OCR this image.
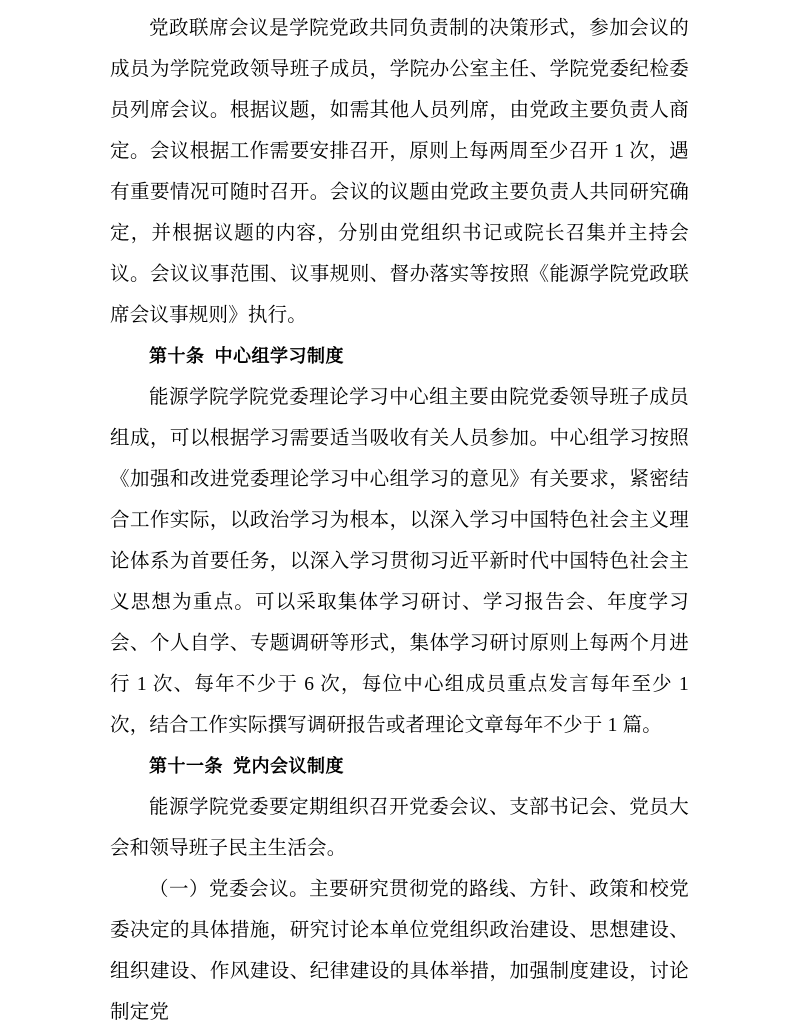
党政联席会议是学院党政共同负责制的决策形式，参加会议的成员为学院党政领导班子成员，学院办公室主任、学院党委纪检委员列席会议。根据议题，如需其他人员列席，由党政主要负责人商定。会议根据工作需要安排召开，原则上每两周至少召开 1 次，遇有重要情况可随时召开。会议的议题由党政主要负责人共同研究确定，并根据议题的内容，分别由党组织书记或院长召集并主持会议。会议议事范围、议事规则、督办落实等按照《能源学院党政联席会议事规则》执行。

第十条 中心组学习制度

能源学院学院党委理论学习中心组主要由院党委领导班子成员组成，可以根据学习需要适当吸收有关人员参加。中心组学习按照《加强和改进党委理论学习中心组学习的意见》有关要求，紧密结合工作实际，以政治学习为根本，以深入学习中国特色社会主义理论体系为首要任务，以深入学习贯彻习近平新时代中国特色社会主义思想为重点。可以采取集体学习研讨、学习报告会、年度学习会、个人自学、专题调研等形式，集体学习研讨原则上每两个月进行 1 次、每年不少于 6 次，每位中心组成员重点发言每年至少 1 次，结合工作实际撰写调研报告或者理论文章每年不少于 1 篇。

第十一条 党内会议制度

能源学院党委要定期组织召开党委会议、支部书记会、党员大会和领导班子民主生活会。

（一）党委会议。主要研究贯彻党的路线、方针、政策和校党委决定的具体措施，研究讨论本单位党组织政治建设、思想建设、组织建设、作风建设、纪律建设的具体举措，加强制度建设，讨论制定党
